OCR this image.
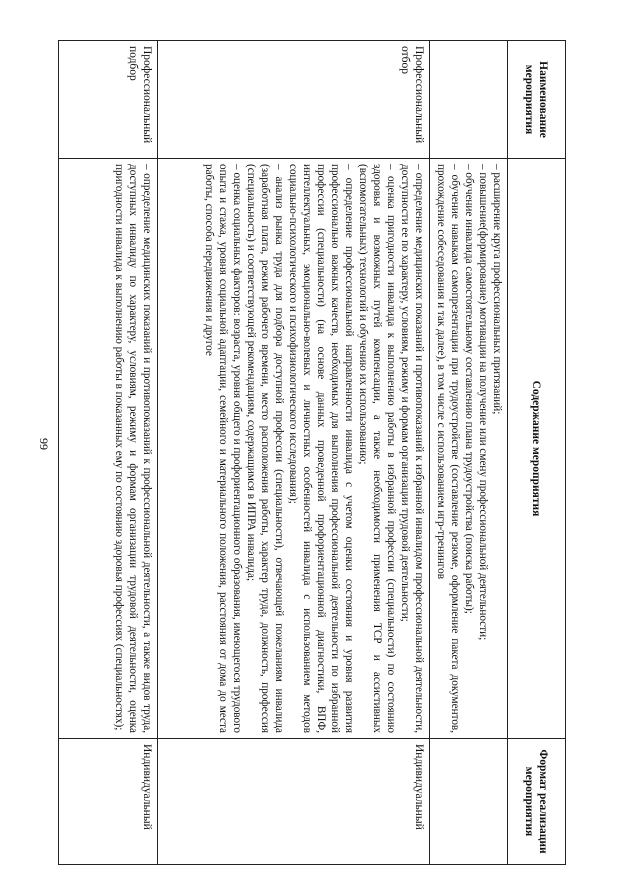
99
Наименование мероприятия	Содержание мероприятия	Формат реализации мероприятия

	– расширение круга профессиональных притязаний;

– повышение(формирование) мотивации на получение или смену профессиональной деятельности;

– обучение инвалида самостоятельному составлению плана трудоустройства (поиска работы);

– обучение навыкам самопрезентации при трудоустройстве (составление резюме, оформление пакета документов, прохождение собеседования и так далее), в том числе с использованием игр-тренингов	

Профессиональный отбор	– определение медицинских показаний и противопоказаний к избранной инвалидом профессиональной деятельности, доступности ее по характеру, условиям, режиму и формам организации трудовой деятельности;

– оценка пригодности инвалида к выполнению работы в избранной профессии (специальности) по состоянию здоровья и возможных путей компенсации, а также необходимости применения ТСР и ассистивных (вспомогательных) технологий и обучению их использованию;

– определение профессиональной направленности инвалида с учетом оценки состояния и уровня развития профессионально важных качеств, необходимых для выполнения профессиональной деятельности по избранной профессии (специальности) (на основе данных проведенной профориентационной диагностики, ВПФ, интеллектуальных, эмоционально-волевых и личностных особенностей инвалида с использованием методов социально-психологического и психофизиологического исследования);

– анализ рынка труда для подбора доступной профессии (специальности), отвечающей пожеланиям инвалида (заработная плата, режим рабочего времени, место расположения работы, характер труда, должность, профессия (специальность) и соответствующей рекомендациям, содержащимся в ИПРА инвалида;

– оценка социальных факторов: возраста, уровня общего и профориентационного образования, имеющегося трудового опыта и стажа, уровня социальной адаптации, семейного и материального положения, расстояния от дома до места работы, способа передвижения и другое	Индивидуальный
Профессиональный подбор	– определение медицинских показаний и противопоказаний к профессиональной деятельности, а также видов труда, доступных инвалиду по характеру, условиям, режиму и формам организации трудовой деятельности, оценка пригодности инвалида к выполнению работы в показанных ему по состоянию здоровья профессиях (специальностях);	Индивидуальный
